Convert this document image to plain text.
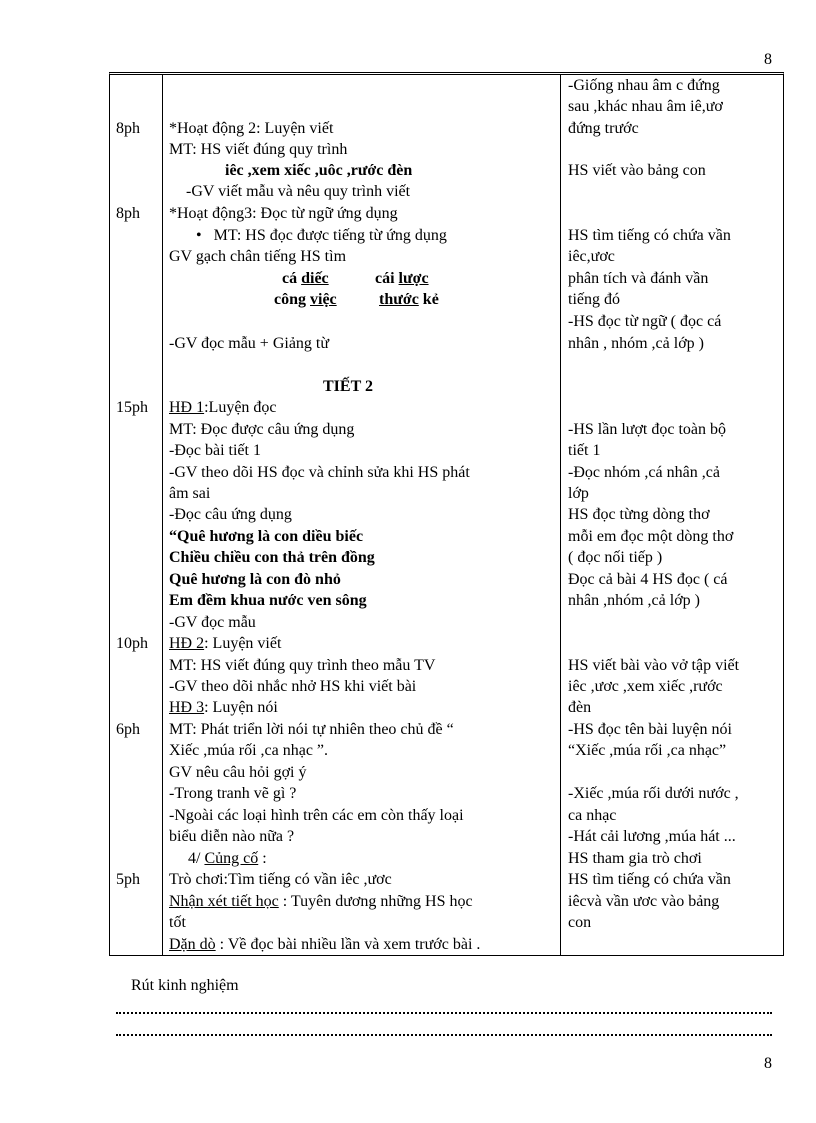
8
8ph
8ph
15ph
10ph
6ph
5ph
*Hoạt động 2: Luyện viết
MT: HS viết đúng quy trình
iêc ,xem xiếc ,uôc ,rước đèn
-GV viết mẫu và nêu quy trình viết
*Hoạt động3: Đọc từ ngữ ứng dụng
•   MT: HS đọc được tiếng từ ứng dụng
GV gạch chân tiếng HS tìm
cá diếc	cái lược
công việc	thước kẻ
-GV đọc mẫu + Giảng từ
TIẾT 2
HĐ 1:Luyện đọc
MT: Đọc được câu ứng dụng
-Đọc bài tiết 1
-GV theo dõi HS đọc và chỉnh sửa khi HS phát
âm sai
-Đọc câu ứng dụng
“Quê hương là con diều biếc
Chiều chiều con thả trên đồng
Quê hương là con đò nhỏ
Em đềm khua nước ven sông
-GV đọc mẫu
HĐ 2: Luyện viết
MT: HS viết đúng quy trình theo mẫu TV
-GV theo dõi nhắc nhở HS khi viết bài
HĐ 3: Luyện nói
MT: Phát triển lời nói tự nhiên theo chủ đề “
Xiếc ,múa rối ,ca nhạc ”.
GV nêu câu hỏi gợi ý
-Trong tranh vẽ gì ?
-Ngoài các loại hình trên các em còn thấy loại
biểu diễn nào nữa ?
4/ Củng cố :
Trò chơi:Tìm tiếng có vần iêc ,ươc
Nhận xét tiết học : Tuyên dương những HS học
tốt
Dặn dò : Về đọc bài nhiều lần và xem trước bài .
-Giống nhau âm c đứng
sau ,khác nhau âm iê,ươ
đứng trước
HS viết vào bảng con
HS tìm tiếng có chứa vần
iêc,ươc
phân tích và đánh vần
tiếng đó
-HS đọc từ ngữ ( đọc cá
nhân , nhóm ,cả lớp )
-HS lần lượt đọc toàn bộ
tiết 1
-Đọc nhóm ,cá nhân ,cả
lớp
HS đọc từng dòng thơ
mỗi em đọc một dòng thơ
( đọc nối tiếp )
Đọc cả bài 4 HS đọc ( cá
nhân ,nhóm ,cả lớp )
HS viết bài vào vở tập viết
iêc ,ươc ,xem xiếc ,rước
đèn
-HS đọc tên bài luyện nói
“Xiếc ,múa rối ,ca nhạc”
-Xiếc ,múa rối dưới nước ,
ca nhạc
-Hát cải lương ,múa hát ...
HS tham gia trò chơi
HS tìm tiếng có chứa vần
iêcvà vần ươc vào bảng
con
Rút kinh nghiệm
8
